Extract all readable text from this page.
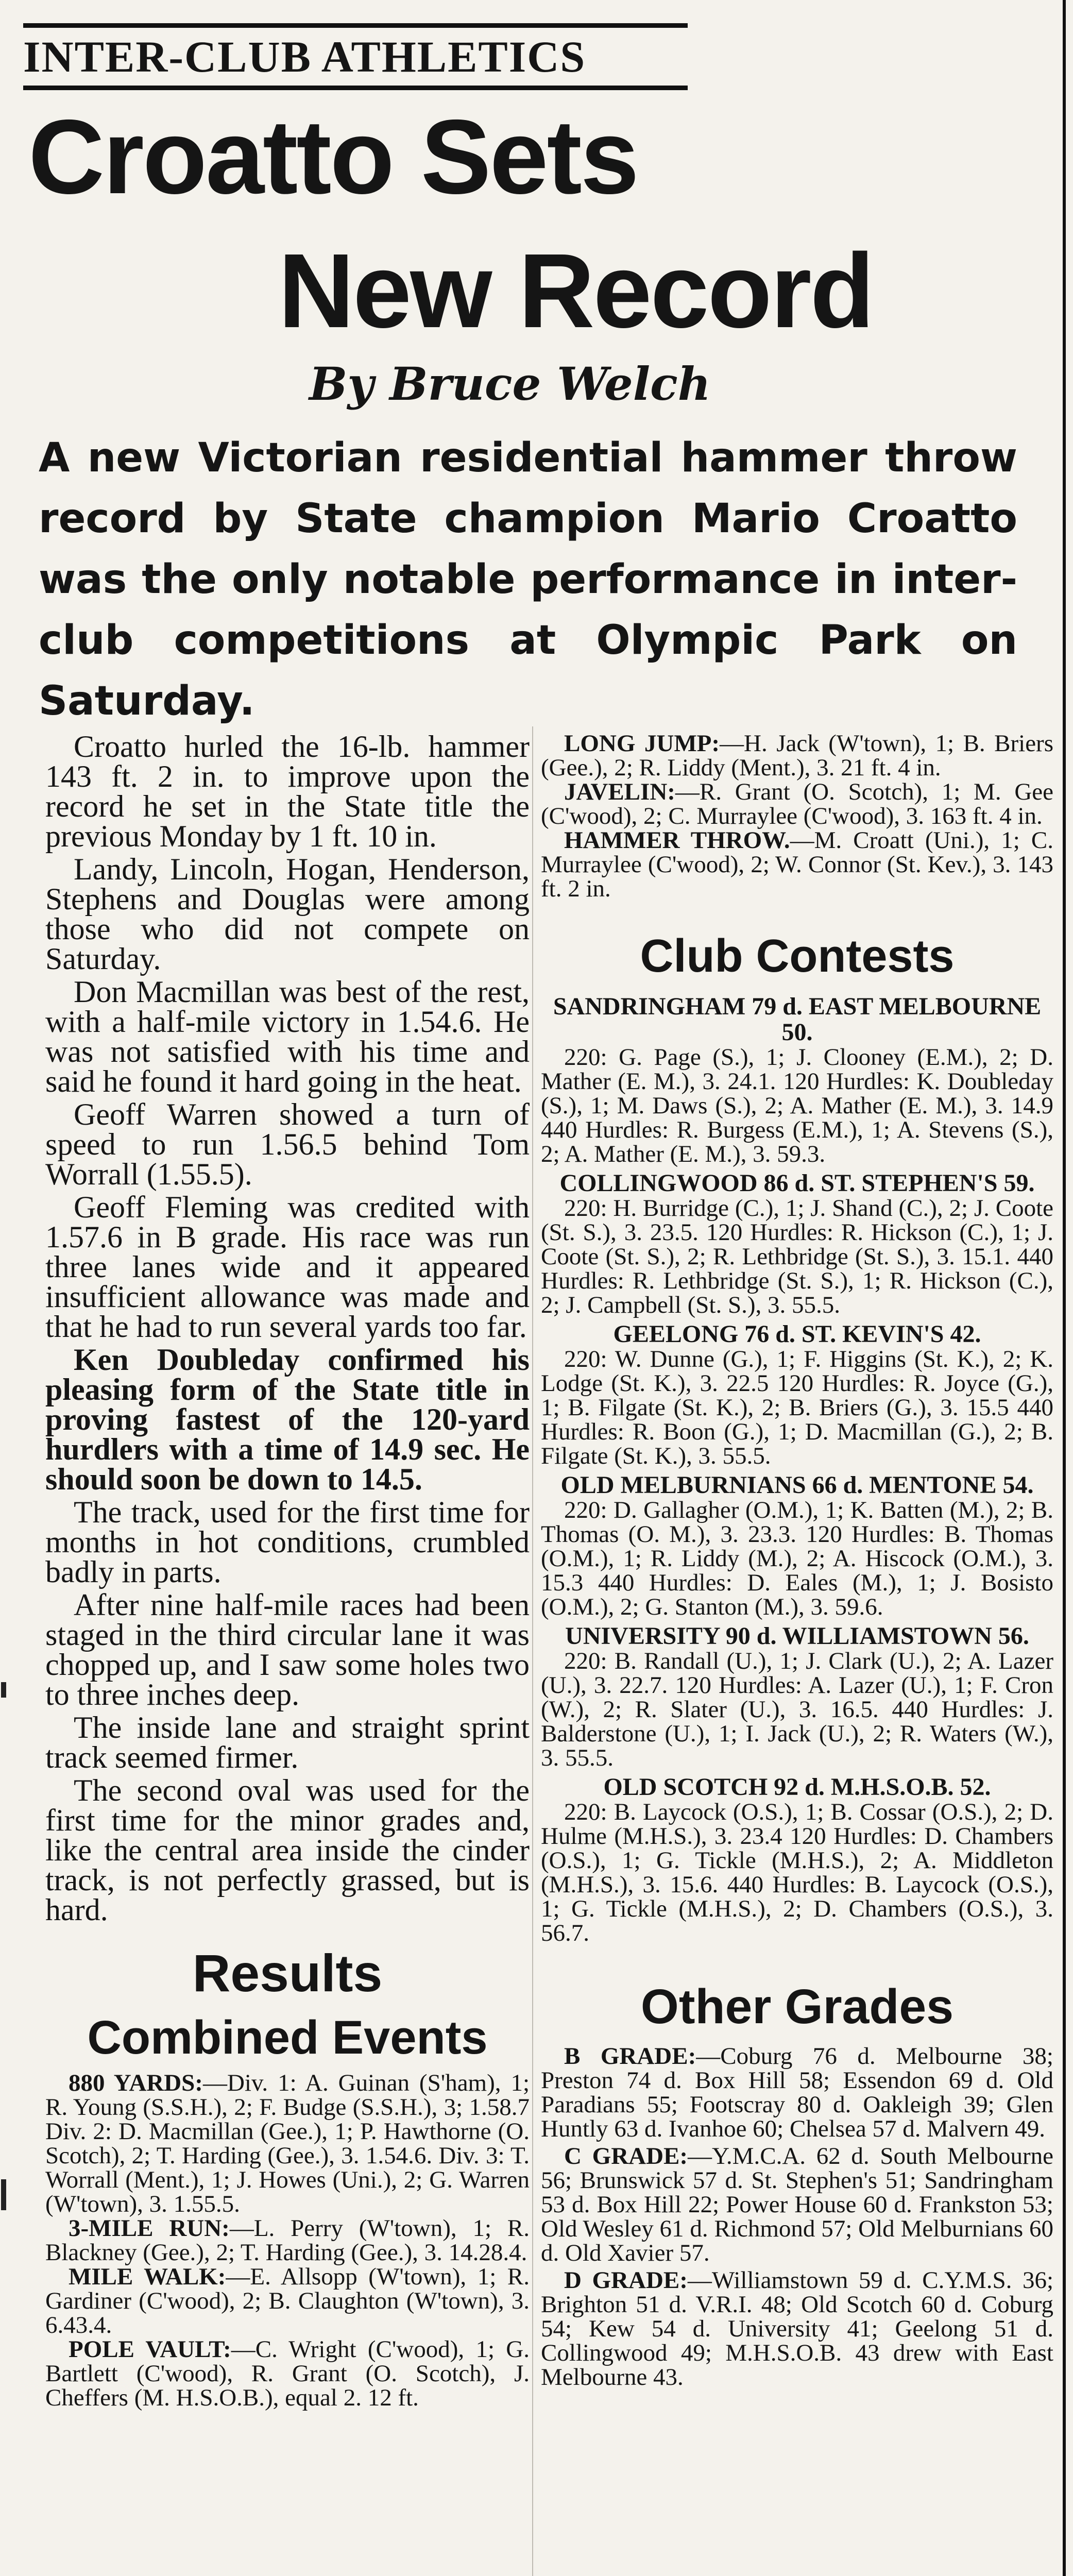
INTER-CLUB ATHLETICS
Croatto Sets
New Record
By Bruce Welch
A new Victorian residential hammer throw record by State champion Mario Croatto was the only notable performance in inter-club competitions at Olympic Park on Saturday.

Croatto hurled the 16-lb. hammer 143 ft. 2 in. to improve upon the record he set in the State title the previous Monday by 1 ft. 10 in.

Landy, Lincoln, Hogan, Henderson, Stephens and Douglas were among those who did not compete on Saturday.

Don Macmillan was best of the rest, with a half-mile victory in 1.54.6. He was not satisfied with his time and said he found it hard going in the heat.

Geoff Warren showed a turn of speed to run 1.56.5 behind Tom Worrall (1.55.5).

Geoff Fleming was credited with 1.57.6 in B grade. His race was run three lanes wide and it appeared insufficient allowance was made and that he had to run several yards too far.

Ken Doubleday confirmed his pleasing form of the State title in proving fastest of the 120-yard hurdlers with a time of 14.9 sec. He should soon be down to 14.5.

The track, used for the first time for months in hot conditions, crumbled badly in parts.

After nine half-mile races had been staged in the third circular lane it was chopped up, and I saw some holes two to three inches deep.

The inside lane and straight sprint track seemed firmer.

The second oval was used for the first time for the minor grades and, like the central area inside the cinder track, is not perfectly grassed, but is hard.

Results
Combined Events

880 YARDS:—Div. 1: A. Guinan (S'ham), 1; R. Young (S.S.H.), 2; F. Budge (S.S.H.), 3; 1.58.7 Div. 2: D. Macmillan (Gee.), 1; P. Hawthorne (O. Scotch), 2; T. Harding (Gee.), 3. 1.54.6. Div. 3: T. Worrall (Ment.), 1; J. Howes (Uni.), 2; G. Warren (W'town), 3. 1.55.5.

3-MILE RUN:—L. Perry (W'town), 1; R. Blackney (Gee.), 2; T. Harding (Gee.), 3. 14.28.4.

MILE WALK:—E. Allsopp (W'town), 1; R. Gardiner (C'wood), 2; B. Claughton (W'town), 3. 6.43.4.

POLE VAULT:—C. Wright (C'wood), 1; G. Bartlett (C'wood), R. Grant (O. Scotch), J. Cheffers (M. H.S.O.B.), equal 2. 12 ft.

LONG JUMP:—H. Jack (W'town), 1; B. Briers (Gee.), 2; R. Liddy (Ment.), 3. 21 ft. 4 in.

JAVELIN:—R. Grant (O. Scotch), 1; M. Gee (C'wood), 2; C. Murraylee (C'wood), 3. 163 ft. 4 in.

HAMMER THROW.—M. Croatt (Uni.), 1; C. Murraylee (C'wood), 2; W. Connor (St. Kev.), 3. 143 ft. 2 in.

Club Contests
SANDRINGHAM 79 d. EAST MELBOURNE 50.

220: G. Page (S.), 1; J. Clooney (E.M.), 2; D. Mather (E. M.), 3. 24.1. 120 Hurdles: K. Doubleday (S.), 1; M. Daws (S.), 2; A. Mather (E. M.), 3. 14.9 440 Hurdles: R. Burgess (E.M.), 1; A. Stevens (S.), 2; A. Mather (E. M.), 3. 59.3.

COLLINGWOOD 86 d. ST. STEPHEN'S 59.

220: H. Burridge (C.), 1; J. Shand (C.), 2; J. Coote (St. S.), 3. 23.5. 120 Hurdles: R. Hickson (C.), 1; J. Coote (St. S.), 2; R. Lethbridge (St. S.), 3. 15.1. 440 Hurdles: R. Lethbridge (St. S.), 1; R. Hickson (C.), 2; J. Campbell (St. S.), 3. 55.5.

GEELONG 76 d. ST. KEVIN'S 42.

220: W. Dunne (G.), 1; F. Higgins (St. K.), 2; K. Lodge (St. K.), 3. 22.5 120 Hurdles: R. Joyce (G.), 1; B. Filgate (St. K.), 2; B. Briers (G.), 3. 15.5 440 Hurdles: R. Boon (G.), 1; D. Macmillan (G.), 2; B. Filgate (St. K.), 3. 55.5.

OLD MELBURNIANS 66 d. MENTONE 54.

220: D. Gallagher (O.M.), 1; K. Batten (M.), 2; B. Thomas (O. M.), 3. 23.3. 120 Hurdles: B. Thomas (O.M.), 1; R. Liddy (M.), 2; A. Hiscock (O.M.), 3. 15.3 440 Hurdles: D. Eales (M.), 1; J. Bosisto (O.M.), 2; G. Stanton (M.), 3. 59.6.

UNIVERSITY 90 d. WILLIAMSTOWN 56.

220: B. Randall (U.), 1; J. Clark (U.), 2; A. Lazer (U.), 3. 22.7. 120 Hurdles: A. Lazer (U.), 1; F. Cron (W.), 2; R. Slater (U.), 3. 16.5. 440 Hurdles: J. Balderstone (U.), 1; I. Jack (U.), 2; R. Waters (W.), 3. 55.5.

OLD SCOTCH 92 d. M.H.S.O.B. 52.

220: B. Laycock (O.S.), 1; B. Cossar (O.S.), 2; D. Hulme (M.H.S.), 3. 23.4 120 Hurdles: D. Chambers (O.S.), 1; G. Tickle (M.H.S.), 2; A. Middleton (M.H.S.), 3. 15.6. 440 Hurdles: B. Laycock (O.S.), 1; G. Tickle (M.H.S.), 2; D. Chambers (O.S.), 3. 56.7.

Other Grades

B GRADE:—Coburg 76 d. Melbourne 38; Preston 74 d. Box Hill 58; Essendon 69 d. Old Paradians 55; Footscray 80 d. Oakleigh 39; Glen Huntly 63 d. Ivanhoe 60; Chelsea 57 d. Malvern 49.

C GRADE:—Y.M.C.A. 62 d. South Melbourne 56; Brunswick 57 d. St. Stephen's 51; Sandringham 53 d. Box Hill 22; Power House 60 d. Frankston 53; Old Wesley 61 d. Richmond 57; Old Melburnians 60 d. Old Xavier 57.

D GRADE:—Williamstown 59 d. C.Y.M.S. 36; Brighton 51 d. V.R.I. 48; Old Scotch 60 d. Coburg 54; Kew 54 d. University 41; Geelong 51 d. Collingwood 49; M.H.S.O.B. 43 drew with East Melbourne 43.
